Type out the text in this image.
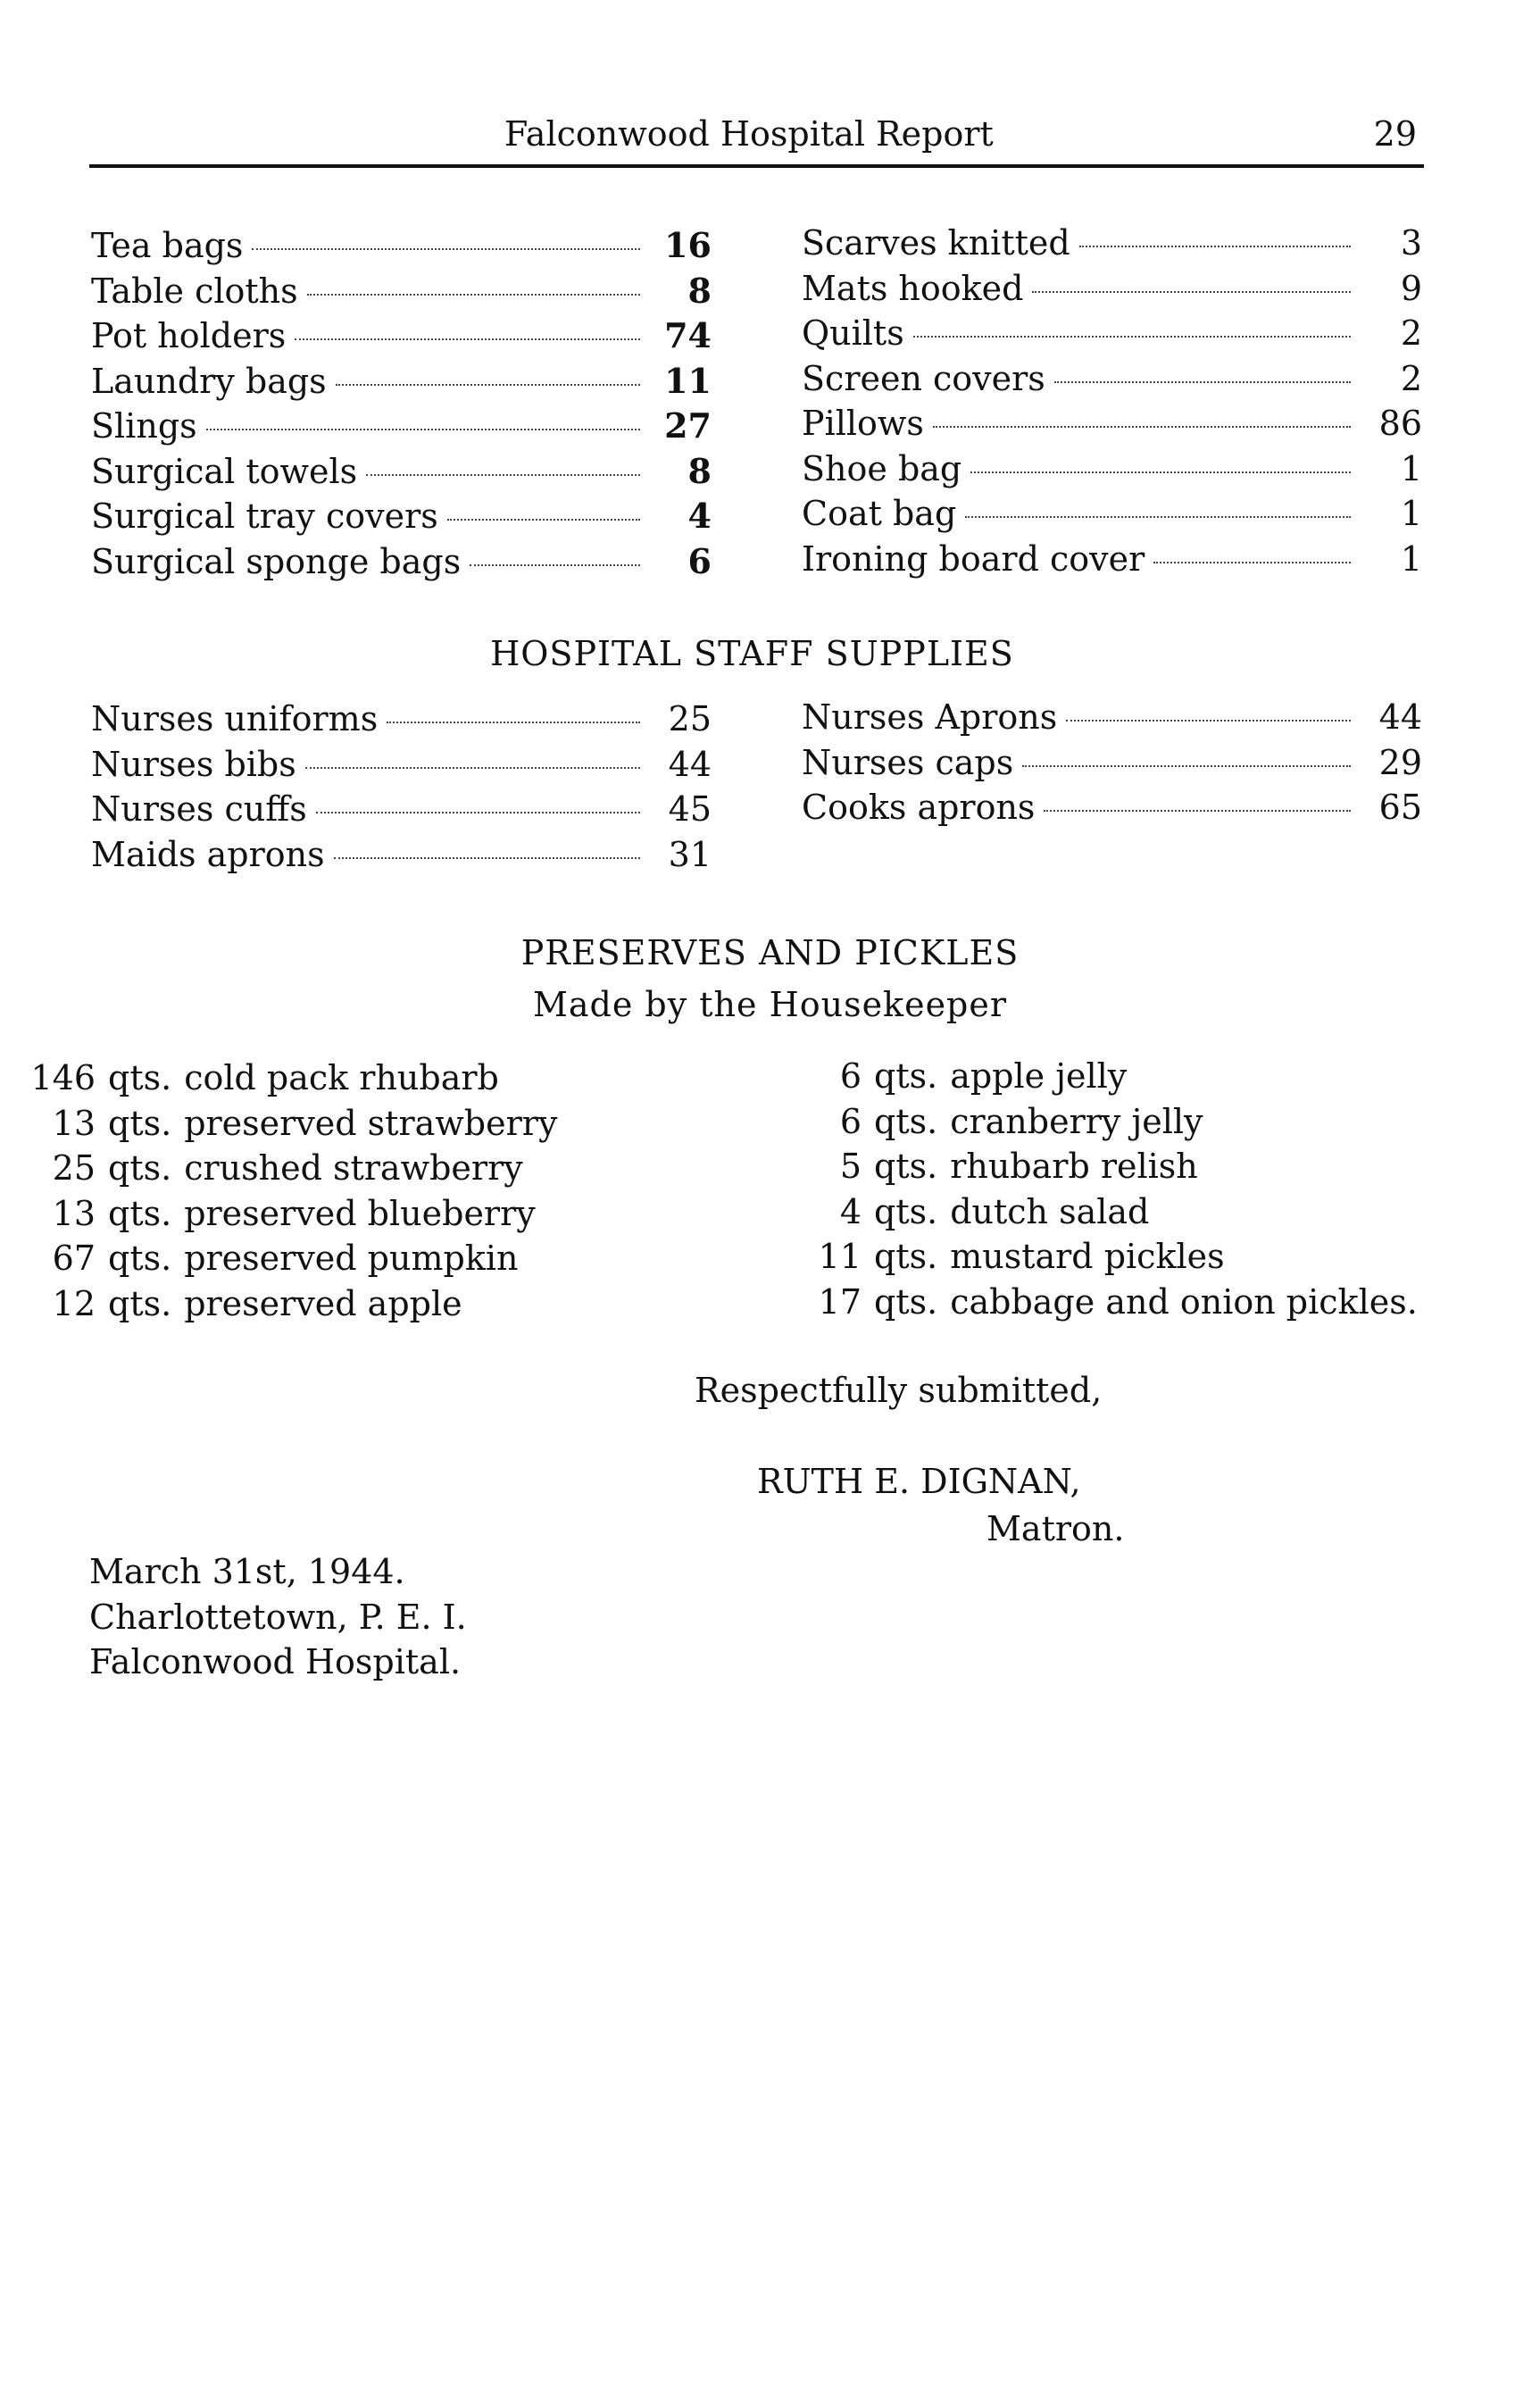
Falconwood Hospital Report	29
Tea bags	16
Table cloths	8
Pot holders	74
Laundry bags	11
Slings	27
Surgical towels	8
Surgical tray covers	4
Surgical sponge bags	6
Scarves knitted	3
Mats hooked	9
Quilts	2
Screen covers	2
Pillows	86
Shoe bag	1
Coat bag	1
Ironing board cover	1
HOSPITAL STAFF SUPPLIES
Nurses uniforms	25
Nurses bibs	44
Nurses cuffs	45
Maids aprons	31
Nurses Aprons	44
Nurses caps	29
Cooks aprons	65
PRESERVES AND PICKLES
Made by the Housekeeper
146 qts. cold pack rhubarb
13 qts. preserved strawberry
25 qts. crushed strawberry
13 qts. preserved blueberry
67 qts. preserved pumpkin
12 qts. preserved apple
6 qts. apple jelly
6 qts. cranberry jelly
5 qts. rhubarb relish
4 qts. dutch salad
11 qts. mustard pickles
17 qts. cabbage and onion pickles.
Respectfully submitted,
RUTH E. DIGNAN,
Matron.
March 31st, 1944.
Charlottetown, P. E. I.
Falconwood Hospital.
